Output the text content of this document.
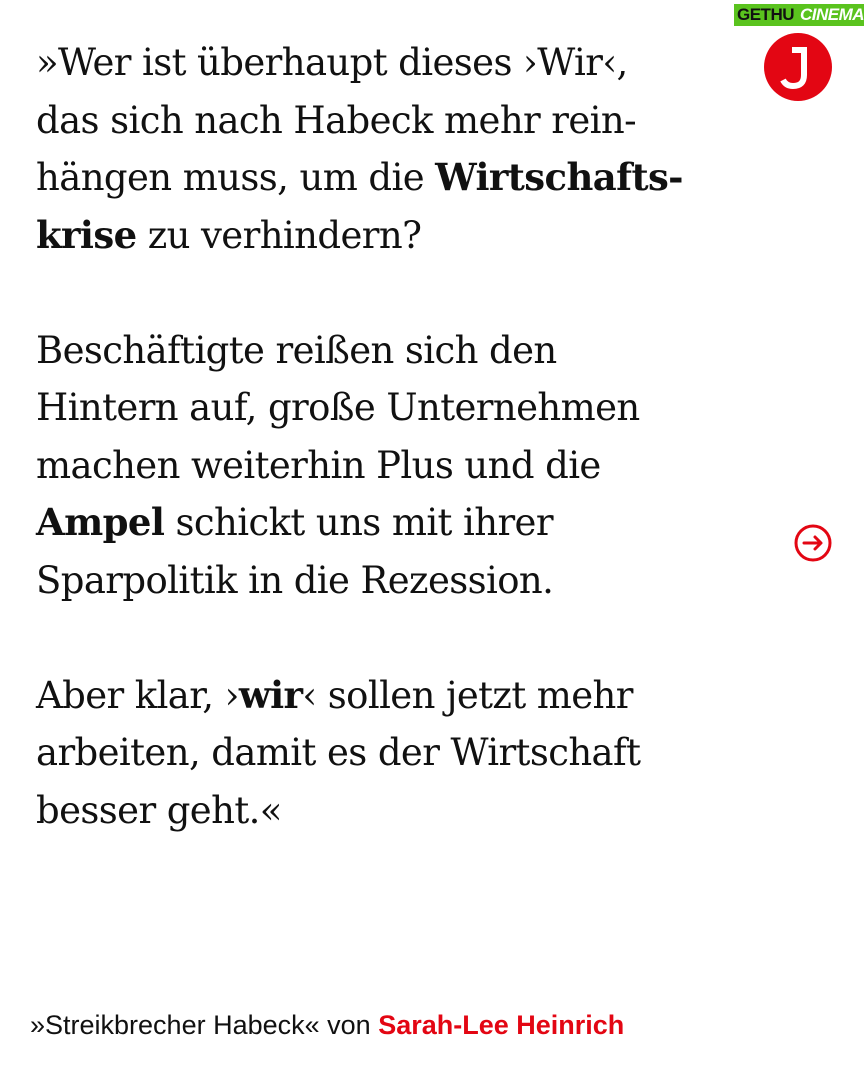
GETHU CINEMA

»Wer ist überhaupt dieses ›Wir‹,
das sich nach Habeck mehr rein-
hängen muss, um die Wirtschafts-
krise zu verhindern?

Beschäftigte reißen sich den
Hintern auf, große Unternehmen
machen weiterhin Plus und die
Ampel schickt uns mit ihrer
Sparpolitik in die Rezession.

Aber klar, ›wir‹ sollen jetzt mehr
arbeiten, damit es der Wirtschaft
besser geht.«

»Streikbrecher Habeck« von Sarah-Lee Heinrich
